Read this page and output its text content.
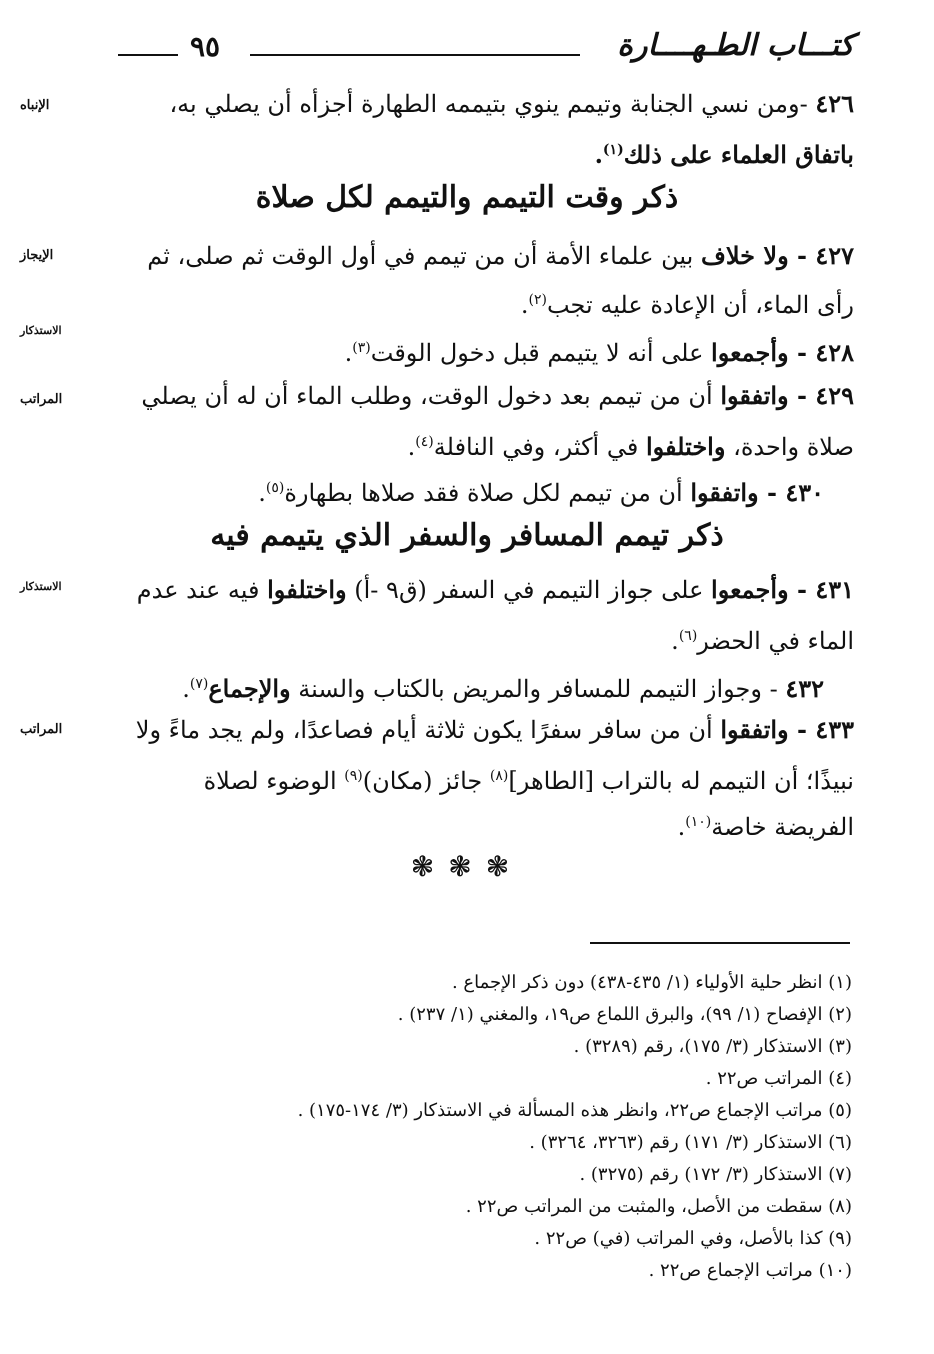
كتـــاب الطـهــــارة
٩٥
الإنباه
الإيجاز
الاستذكار
المراتب
الاستذكار
المراتب
٤٢٦ -ومن نسي الجنابة وتيمم ينوي بتيممه الطهارة أجزأه أن يصلي به،
باتفاق العلماء على ذلك$^{(١)}$.
ذكر وقت التيمم والتيمم لكل صلاة
٤٢٧ - ولا خلاف بين علماء الأمة أن من تيمم في أول الوقت ثم صلى، ثم
رأى الماء، أن الإعادة عليه تجب$^{(٢)}$.
٤٢٨ - وأجمعوا على أنه لا يتيمم قبل دخول الوقت$^{(٣)}$.
٤٢٩ - واتفقوا أن من تيمم بعد دخول الوقت، وطلب الماء أن له أن يصلي
صلاة واحدة، واختلفوا في أكثر، وفي النافلة$^{(٤)}$.
٤٣٠ - واتفقوا أن من تيمم لكل صلاة فقد صلاها بطهارة$^{(٥)}$.
ذكر تيمم المسافر والسفر الذي يتيمم فيه
٤٣١ - وأجمعوا على جواز التيمم في السفر (ق٩ -أ) واختلفوا فيه عند عدم
الماء في الحضر$^{(٦)}$.
٤٣٢ - وجواز التيمم للمسافر والمريض بالكتاب والسنة والإجماع$^{(٧)}$.
٤٣٣ - واتفقوا أن من سافر سفرًا يكون ثلاثة أيام فصاعدًا، ولم يجد ماءً ولا
نبيذًا؛ أن التيمم له بالتراب [الطاهر]$^{(٨)}$ جائز (مكان)$^{(٩)}$ الوضوء لصلاة
الفريضة خاصة$^{(١٠)}$.
❃❃❃
(١) انظر حلية الأولياء (١/ ٤٣٥-٤٣٨) دون ذكر الإجماع .
(٢) الإفصاح (١/ ٩٩)، والبرق اللماع ص١٩، والمغني (١/ ٢٣٧) .
(٣) الاستذكار (٣/ ١٧٥)، رقم (٣٢٨٩) .
(٤) المراتب ص٢٢ .
(٥) مراتب الإجماع ص٢٢، وانظر هذه المسألة في الاستذكار (٣/ ١٧٤-١٧٥) .
(٦) الاستذكار (٣/ ١٧١) رقم (٣٢٦٣، ٣٢٦٤) .
(٧) الاستذكار (٣/ ١٧٢) رقم (٣٢٧٥) .
(٨) سقطت من الأصل، والمثبت من المراتب ص٢٢ .
(٩) كذا بالأصل، وفي المراتب (في) ص٢٢ .
(١٠) مراتب الإجماع ص٢٢ .
